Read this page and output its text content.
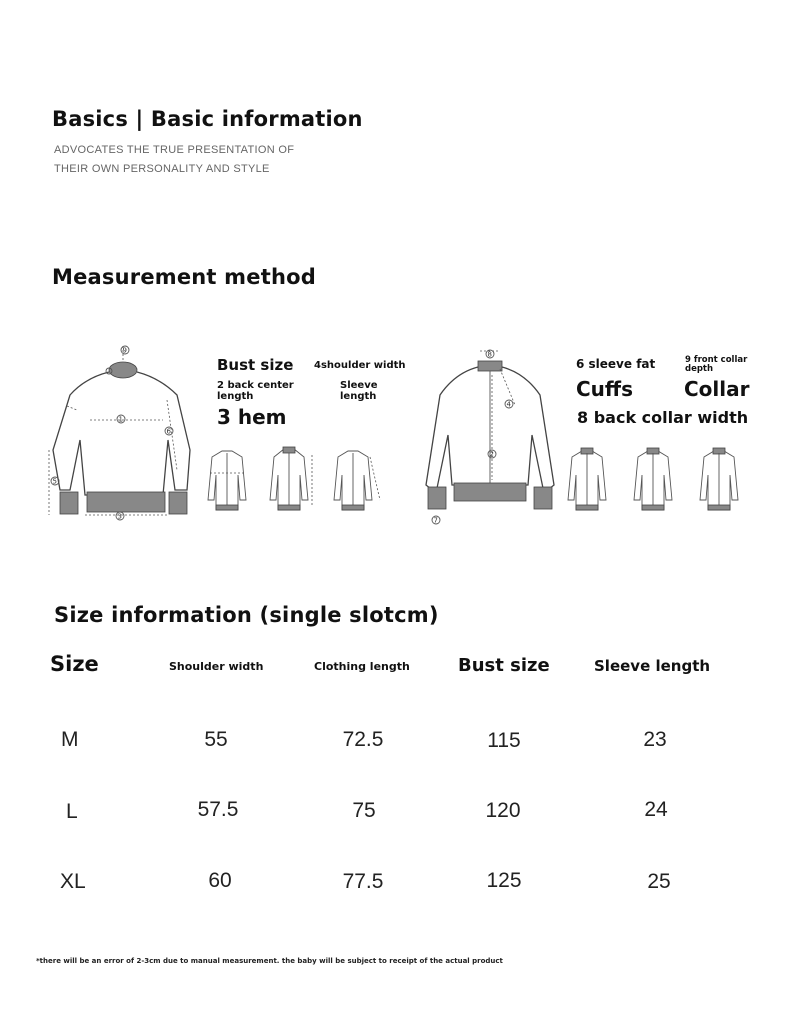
Basics | Basic information
ADVOCATES THE TRUE PRESENTATION OF
THEIR OWN PERSONALITY AND STYLE
Measurement method
9
1
3
6
5
Bust size 4shoulder width
2 back center
length
Sleeve
length
3 hem
8
2
4
7
6 sleeve fat	9 front collar
depth
Cuffs	Collar
8 back collar width
Size information (single slotcm)
Size	Shoulder width	Clothing length	Bust size	Sleeve length
M	55	72.5	115	23
L	57.5	75	120	24
XL	60	77.5	125	25
*there will be an error of 2-3cm due to manual measurement. the baby will be subject to receipt of the actual product
